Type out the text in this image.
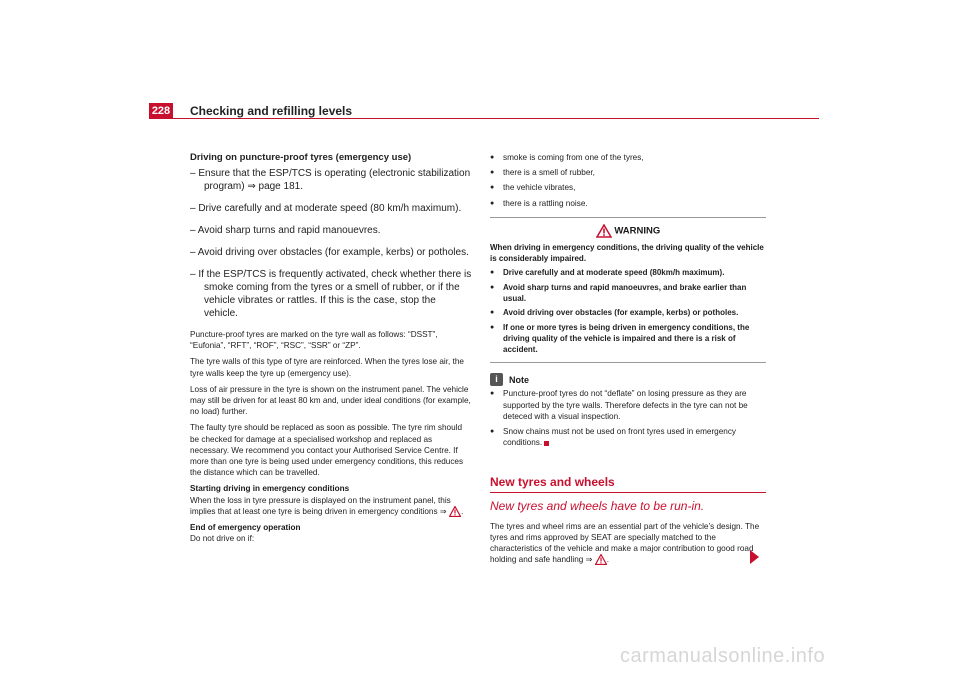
228 Checking and refilling levels

Driving on puncture-proof tyres (emergency use)

– Ensure that the ESP/TCS is operating (electronic stabilization program) ⇒ page 181.

– Drive carefully and at moderate speed (80 km/h maximum).

– Avoid sharp turns and rapid manouevres.

– Avoid driving over obstacles (for example, kerbs) or potholes.

– If the ESP/TCS is frequently activated, check whether there is smoke coming from the tyres or a smell of rubber, or if the vehicle vibrates or rattles. If this is the case, stop the vehicle.

Puncture-proof tyres are marked on the tyre wall as follows: “DSST”, “Eufonia”, “RFT”, “ROF”, “RSC”, “SSR” or “ZP”.

The tyre walls of this type of tyre are reinforced. When the tyres lose air, the tyre walls keep the tyre up (emergency use).

Loss of air pressure in the tyre is shown on the instrument panel. The vehicle may still be driven for at least 80 km and, under ideal conditions (for example, no load) further.

The faulty tyre should be replaced as soon as possible. The tyre rim should be checked for damage at a specialised workshop and replaced as necessary. We recommend you contact your Authorised Service Centre. If more than one tyre is being used under emergency conditions, this reduces the distance which can be travelled.

Starting driving in emergency conditions

When the loss in tyre pressure is displayed on the instrument panel, this implies that at least one tyre is being driven in emergency conditions ⇒ .

End of emergency operation

Do not drive on if:

● smoke is coming from one of the tyres,

● there is a smell of rubber,

● the vehicle vibrates,

● there is a rattling noise.

WARNING

When driving in emergency conditions, the driving quality of the vehicle is considerably impaired.

● Drive carefully and at moderate speed (80km/h maximum).

● Avoid sharp turns and rapid manoeuvres, and brake earlier than usual.

● Avoid driving over obstacles (for example, kerbs) or potholes.

● If one or more tyres is being driven in emergency conditions, the driving quality of the vehicle is impaired and there is a risk of accident.

i	Note

● Puncture-proof tyres do not “deflate” on losing pressure as they are supported by the tyre walls. Therefore defects in the tyre can not be deteced with a visual inspection.

● Snow chains must not be used on front tyres used in emergency conditions.

New tyres and wheels
New tyres and wheels have to be run-in.

The tyres and wheel rims are an essential part of the vehicle’s design. The tyres and rims approved by SEAT are specially matched to the characteristics of the vehicle and make a major contribution to good road holding and safe handling ⇒ .

carmanualsonline.info
